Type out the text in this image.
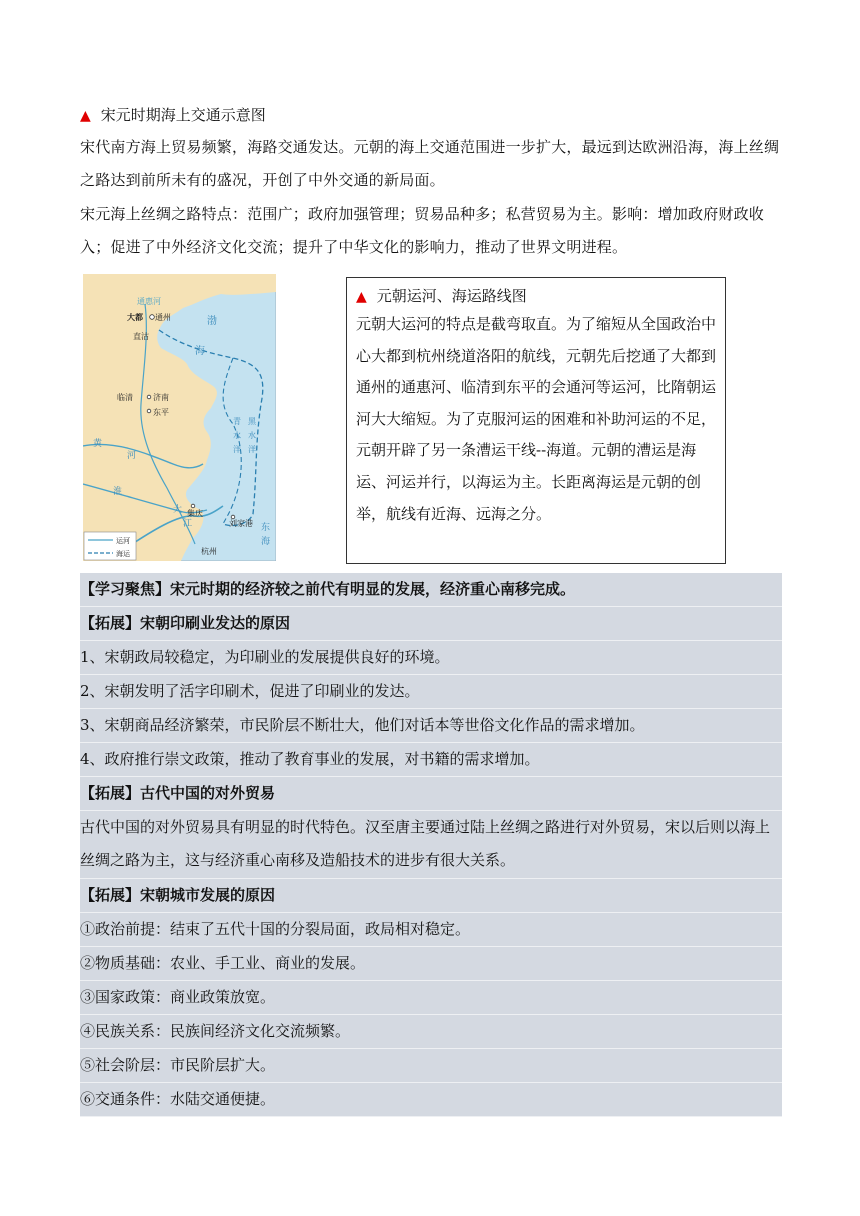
▲ 宋元时期海上交通示意图
宋代南方海上贸易频繁，海路交通发达。元朝的海上交通范围进一步扩大，最远到达欧洲沿海，海上丝绸之路达到前所未有的盛况，开创了中外交通的新局面。
宋元海上丝绸之路特点：范围广；政府加强管理；贸易品种多；私营贸易为主。影响：增加政府财政收入；促进了中外经济文化交流；提升了中华文化的影响力，推动了世界文明进程。
通惠河
大都 通州
直沽
渤
海
临清	济南
东平
青 黑
水 水
洋 洋
黄
河
淮
大
江
集庆
刘家港 东
海
杭州
运河
海运
▲ 元朝运河、海运路线图
元朝大运河的特点是截弯取直。为了缩短从全国政治中心大都到杭州绕道洛阳的航线，元朝先后挖通了大都到通州的通惠河、临清到东平的会通河等运河，比隋朝运河大大缩短。为了克服河运的困难和补助河运的不足，元朝开辟了另一条漕运干线--海道。元朝的漕运是海运、河运并行，以海运为主。长距离海运是元朝的创举，航线有近海、远海之分。
【学习聚焦】宋元时期的经济较之前代有明显的发展，经济重心南移完成。
【拓展】宋朝印刷业发达的原因
1、宋朝政局较稳定，为印刷业的发展提供良好的环境。
2、宋朝发明了活字印刷术，促进了印刷业的发达。
3、宋朝商品经济繁荣，市民阶层不断壮大，他们对话本等世俗文化作品的需求增加。
4、政府推行崇文政策，推动了教育事业的发展，对书籍的需求增加。
【拓展】古代中国的对外贸易
古代中国的对外贸易具有明显的时代特色。汉至唐主要通过陆上丝绸之路进行对外贸易，宋以后则以海上丝绸之路为主，这与经济重心南移及造船技术的进步有很大关系。
【拓展】宋朝城市发展的原因
①政治前提：结束了五代十国的分裂局面，政局相对稳定。
②物质基础：农业、手工业、商业的发展。
③国家政策：商业政策放宽。
④民族关系：民族间经济文化交流频繁。
⑤社会阶层：市民阶层扩大。
⑥交通条件：水陆交通便捷。
